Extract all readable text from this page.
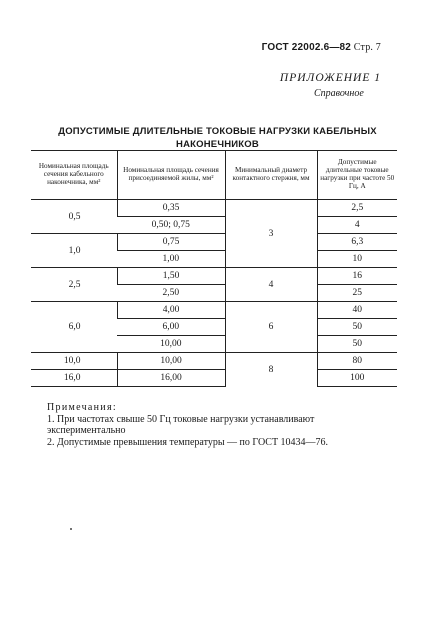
ГОСТ 22002.6—82 Стр. 7
ПРИЛОЖЕНИЕ 1
Справочное
ДОПУСТИМЫЕ ДЛИТЕЛЬНЫЕ ТОКОВЫЕ НАГРУЗКИ КАБЕЛЬНЫХ
НАКОНЕЧНИКОВ
Номинальная площадь сечения кабельного наконечника, мм²	Номинальная площадь сечения присоединяемой жилы, мм²	Минимальный диаметр контактного стержня, мм	Допустимые длительные токовые нагрузки при частоте 50 Гц, А
0,5	0,35	3	2,5
	0,50; 0,75		4
1,0	0,75		6,3
	1,00		10
2,5	1,50	4	16
	2,50		25
6,0	4,00	6	40
	6,00		50
	10,00		50
10,0	10,00	8	80
16,0	16,00		100

Примечания:

1. При частотах свыше 50 Гц токовые нагрузки устанавливают экспериментально

2. Допустимые превышения температуры — по ГОСТ 10434—76.
